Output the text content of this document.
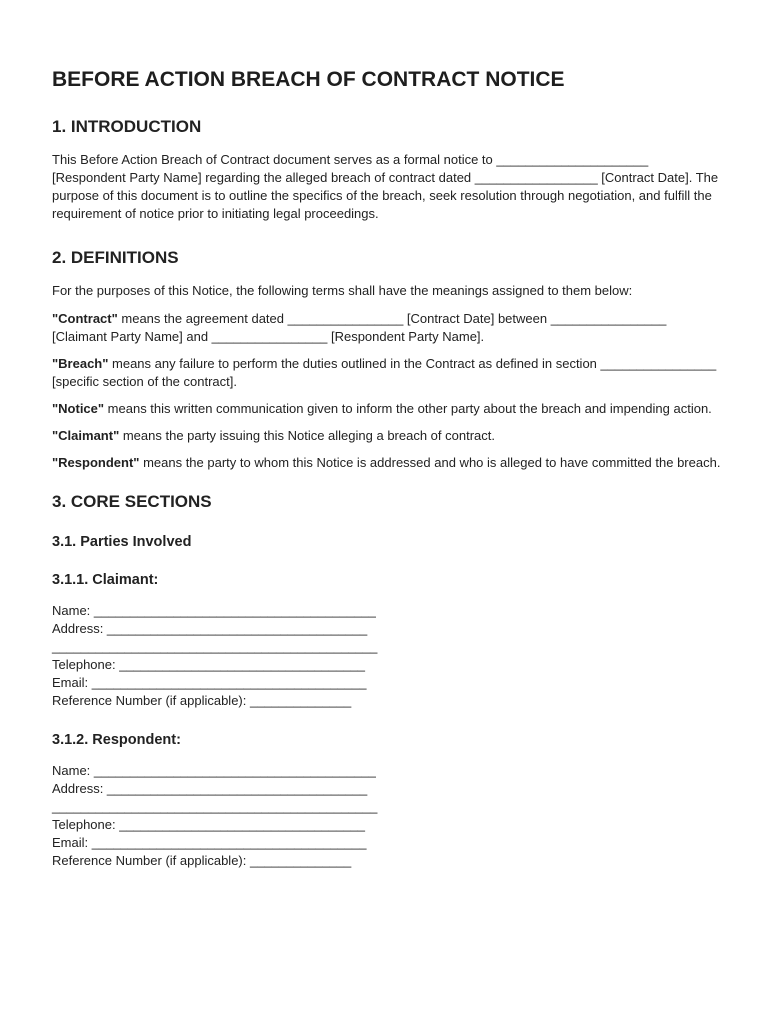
BEFORE ACTION BREACH OF CONTRACT NOTICE
1. INTRODUCTION

This Before Action Breach of Contract document serves as a formal notice to _____________________ [Respondent Party Name] regarding the alleged breach of contract dated _________________ [Contract Date]. The purpose of this document is to outline the specifics of the breach, seek resolution through negotiation, and fulfill the requirement of notice prior to initiating legal proceedings.

2. DEFINITIONS

For the purposes of this Notice, the following terms shall have the meanings assigned to them below:

"Contract" means the agreement dated ________________ [Contract Date] between ________________ [Claimant Party Name] and ________________ [Respondent Party Name].

"Breach" means any failure to perform the duties outlined in the Contract as defined in section ________________ [specific section of the contract].

"Notice" means this written communication given to inform the other party about the breach and impending action.

"Claimant" means the party issuing this Notice alleging a breach of contract.

"Respondent" means the party to whom this Notice is addressed and who is alleged to have committed the breach.

3. CORE SECTIONS
3.1. Parties Involved
3.1.1. Claimant:
Name: _______________________________________
Address: ____________________________________
_____________________________________________
Telephone: __________________________________
Email: ______________________________________
Reference Number (if applicable): ______________
3.1.2. Respondent:
Name: _______________________________________
Address: ____________________________________
_____________________________________________
Telephone: __________________________________
Email: ______________________________________
Reference Number (if applicable): ______________
